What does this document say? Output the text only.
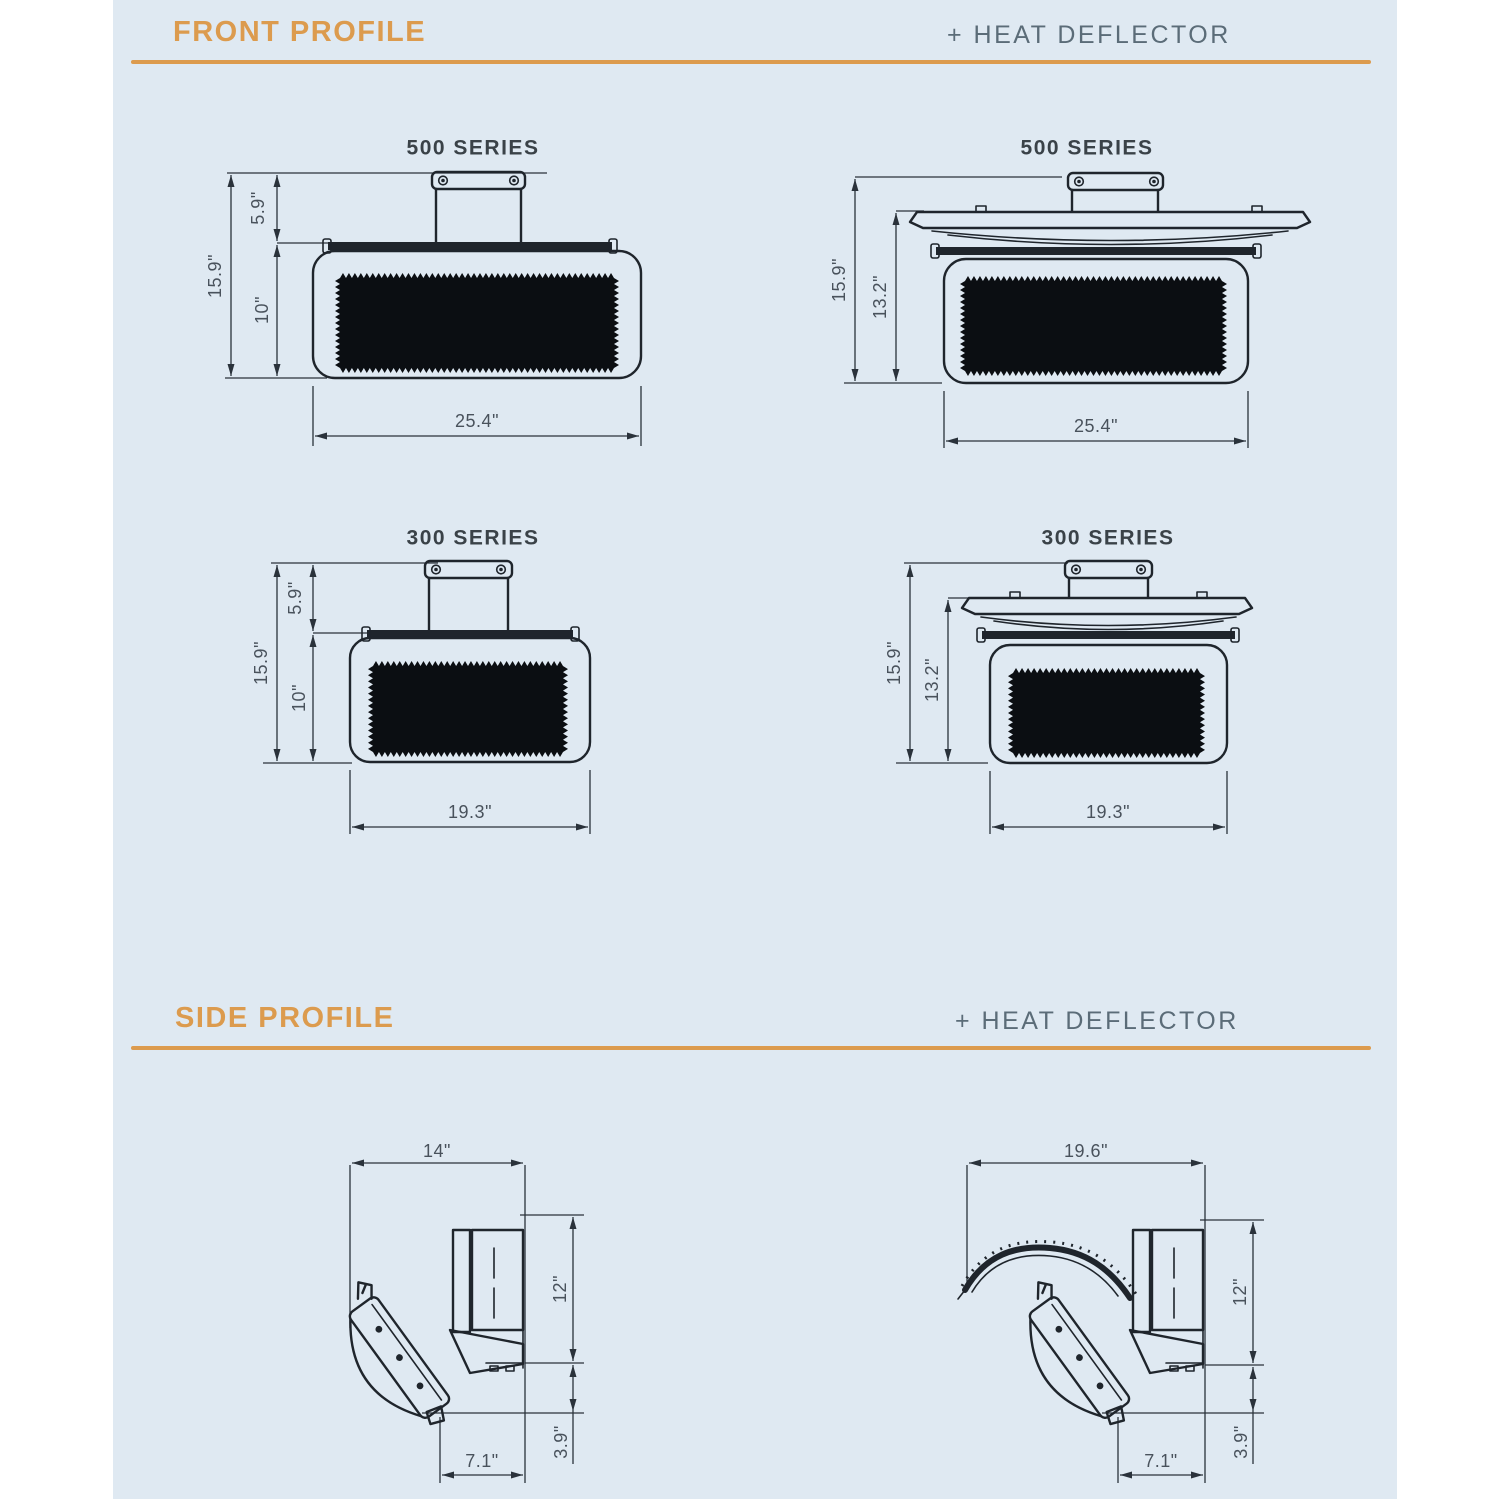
FRONT PROFILE	+ HEAT DEFLECTOR
500 SERIES
15.9"
5.9"
10"
25.4"
500 SERIES
15.9" 13.2"
25.4"
300 SERIES
15.9"
5.9"
10"
19.3"
300 SERIES
15.9" 13.2"
19.3"
SIDE PROFILE	+ HEAT DEFLECTOR
14"
12"
3.9"
7.1"
19.6"
12"
3.9"
7.1"
